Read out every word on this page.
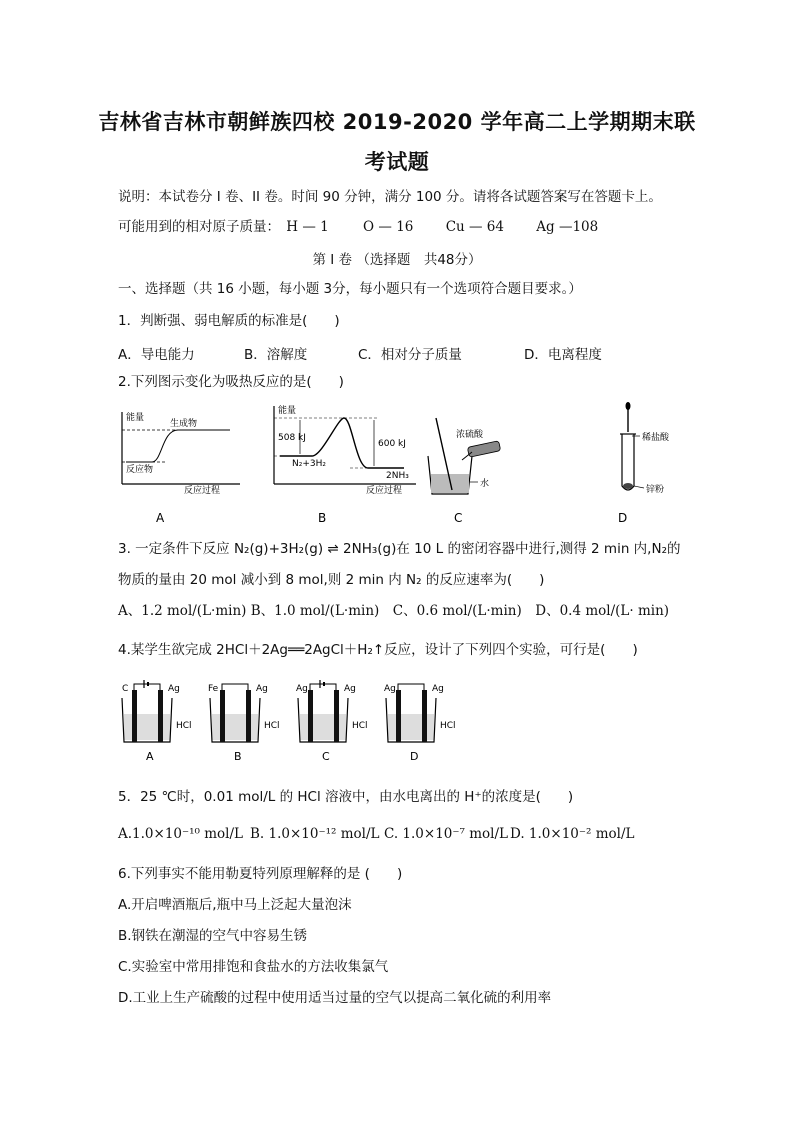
吉林省吉林市朝鲜族四校 2019-2020 学年高二上学期期末联
考试题
说明：本试卷分 I 卷、II 卷。时间 90 分钟，满分 100 分。请将各试题答案写在答题卡上。
可能用到的相对原子质量： H — 1	O — 16 Cu — 64 Ag —108
第 I 卷 （选择题　共48分）
一、选择题（共 16 小题，每小题 3分，每小题只有一个选项符合题目要求。）
1．判断强、弱电解质的标准是(　　)
A．导电能力	B．溶解度	C．相对分子质量	D．电离程度
2.下列图示变化为吸热反应的是(　　)
能量
生成物
反应物
反应过程
A
能量
508 kJ
600 kJ
N₂+3H₂
2NH₃
反应过程
B
浓硫酸
水
C
稀盐酸
锌粉
D
3. 一定条件下反应 N₂(g)+3H₂(g) ⇌ 2NH₃(g)在 10 L 的密闭容器中进行,测得 2 min 内,N₂的
物质的量由 20 mol 减小到 8 mol,则 2 min 内 N₂ 的反应速率为(　　)
A、1.2 mol/(L·min) B、1.0 mol/(L·min)　C、0.6 mol/(L·min)　D、0.4 mol/(L· min)
4.某学生欲完成 2HCl＋2Ag══2AgCl＋H₂↑反应，设计了下列四个实验，可行是(　　)
C	Ag
HCl
A
Fe	Ag
HCl
B
Ag	Ag
HCl
C
Ag	Ag
HCl
D
5．25 ℃时，0.01 mol/L 的 HCl 溶液中，由水电离出的 H⁺的浓度是(　　)
A.1.0×10⁻¹⁰ mol/L B. 1.0×10⁻¹² mol/L C. 1.0×10⁻⁷ mol/L D. 1.0×10⁻² mol/L
6.下列事实不能用勒夏特列原理解释的是 (　　)
A.开启啤酒瓶后,瓶中马上泛起大量泡沫
B.钢铁在潮湿的空气中容易生锈
C.实验室中常用排饱和食盐水的方法收集氯气
D.工业上生产硫酸的过程中使用适当过量的空气以提高二氧化硫的利用率
